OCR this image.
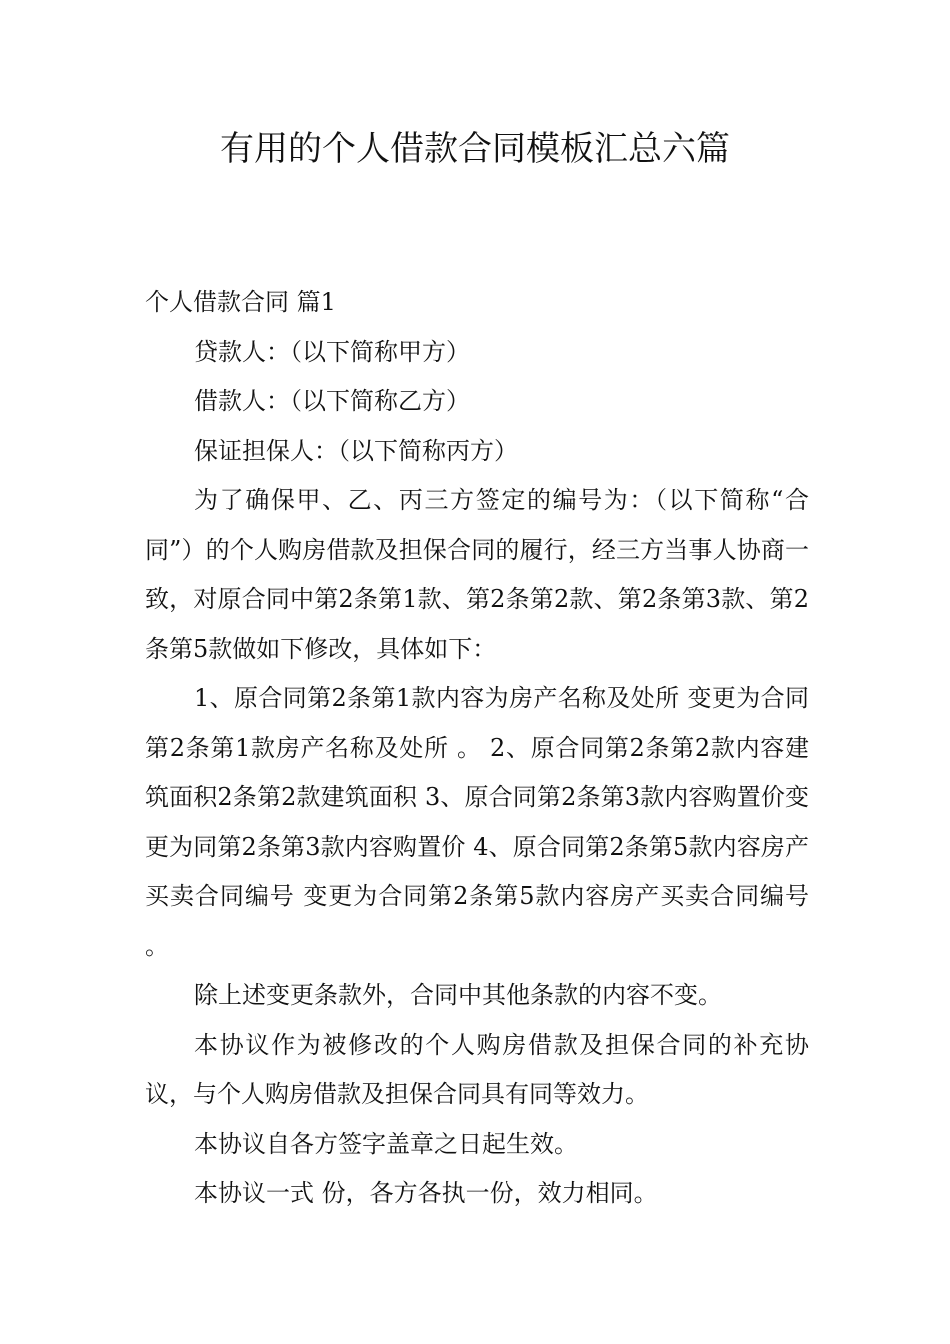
有用的个人借款合同模板汇总六篇

个人借款合同 篇1

贷款人：（以下简称甲方）

借款人：（以下简称乙方）

保证担保人：（以下简称丙方）

为了确保甲、乙、丙三方签定的编号为：（以下简称“合同”）的个人购房借款及担保合同的履行，经三方当事人协商一致，对原合同中第2条第1款、第2条第2款、第2条第3款、第2条第5款做如下修改，具体如下：

1、原合同第2条第1款内容为房产名称及处所 变更为合同第2条第1款房产名称及处所 。 2、原合同第2条第2款内容建筑面积2条第2款建筑面积 3、原合同第2条第3款内容购置价变更为同第2条第3款内容购置价 4、原合同第2条第5款内容房产买卖合同编号 变更为合同第2条第5款内容房产买卖合同编号 。

除上述变更条款外，合同中其他条款的内容不变。

本协议作为被修改的个人购房借款及担保合同的补充协议，与个人购房借款及担保合同具有同等效力。

本协议自各方签字盖章之日起生效。

本协议一式 份，各方各执一份，效力相同。
